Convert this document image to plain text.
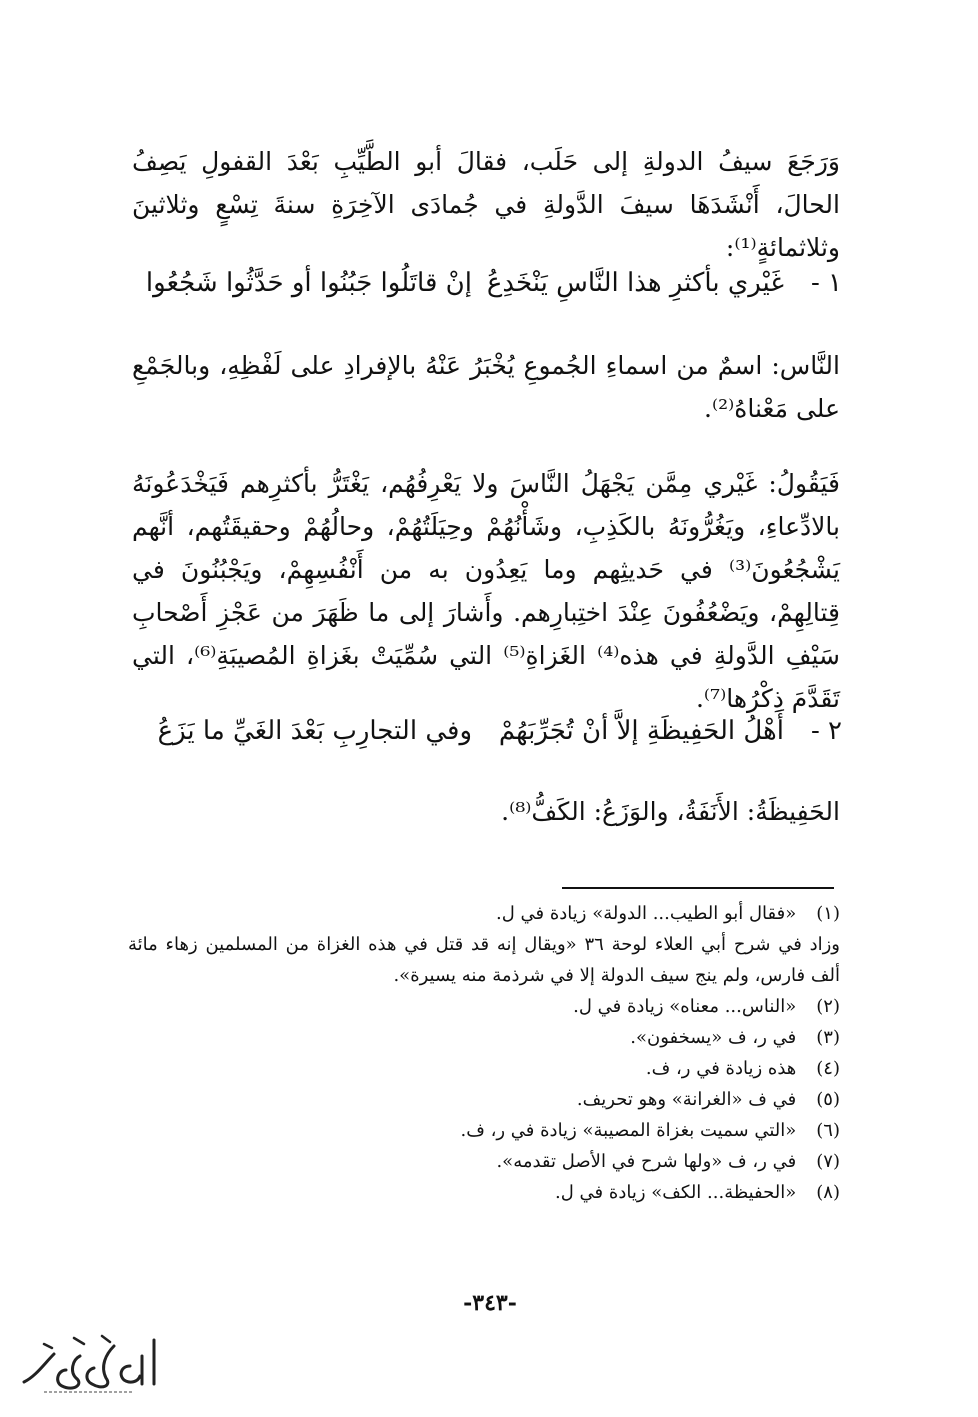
وَرَجَعَ سيفُ الدولةِ إلى حَلَب، فقالَ أبو الطَّيِّبِ بَعْدَ القفولِ يَصِفُ الحالَ، أَنْشَدَهَا سيفَ الدَّولةِ في جُمادَى الآخِرَةِ سنةَ تِسْعٍ وثلاثينَ وثلاثمائةٍ⁽¹⁾:
١ -
غَيْري بأكثرِ هذا النَّاسِ يَنْخَدِعُ
إنْ قاتَلُوا جَبُنُوا أو حَدَّثُوا شَجُعُوا
النَّاس: اسمٌ من اسماءِ الجُموعِ يُخْبَرُ عَنْهُ بالإفرادِ على لَفْظِهِ، وبالجَمْعِ على مَعْناهُ⁽²⁾.
فَيَقُولُ: غَيْري مِمَّن يَجْهَلُ النَّاسَ ولا يَعْرِفُهُم، يَغْتَرُّ بأكثرِهم فَيَخْدَعُونَهُ بالادِّعاءِ، ويَغُرُّونَهُ بالكَذِبِ، وشَأْنُهُمْ وحِيَلَتُهُمْ، وحالُهُمْ وحقيقَتُهم، أنَّهم يَشْجُعُونَ⁽³⁾ في حَديثِهم وما يَعِدُون به من أَنْفُسِهِمْ، ويَجْبُنُونَ في قِتالِهِمْ، ويَضْعُفُونَ عِنْدَ اختِبارِهم. وأَشارَ إلى ما ظَهَرَ من عَجْزِ أَصْحابِ سَيْفِ الدَّولةِ في هذه⁽⁴⁾ الغَزاةِ⁽⁵⁾ التي سُمِّيَتْ بغَزاةِ المُصيبَةِ⁽⁶⁾، التي تَقَدَّمَ ذِكْرُها⁽⁷⁾.
٢ -
أَهْلُ الحَفِيظَةِ إلاَّ أنْ تُجَرِّبَهُمْ
وفي التجارِبِ بَعْدَ الغَيِّ ما يَزَعُ
الحَفِيظَةُ: الأَنَفَةُ، والوَزَعُ: الكَفُّ⁽⁸⁾.
(١) «فقال أبو الطيب... الدولة» زيادة في ل.
وزاد في شرح أبي العلاء لوحة ٣٦ «ويقال إنه قد قتل في هذه الغزاة من المسلمين زهاء مائة ألف فارس، ولم ينج سيف الدولة إلا في شرذمة منه يسيرة».
(٢) «الناس... معناه» زيادة في ل.
(٣) في ر، ف «يسخفون».
(٤) هذه زيادة في ر، ف.
(٥) في ف «الغرانة» وهو تحريف.
(٦) «التي سميت بغزاة المصيبة» زيادة في ر، ف.
(٧) في ر، ف «ولها شرح في الأصل تقدمه».
(٨) «الحفيظة... الكف» زيادة في ل.
-٣٤٣-
